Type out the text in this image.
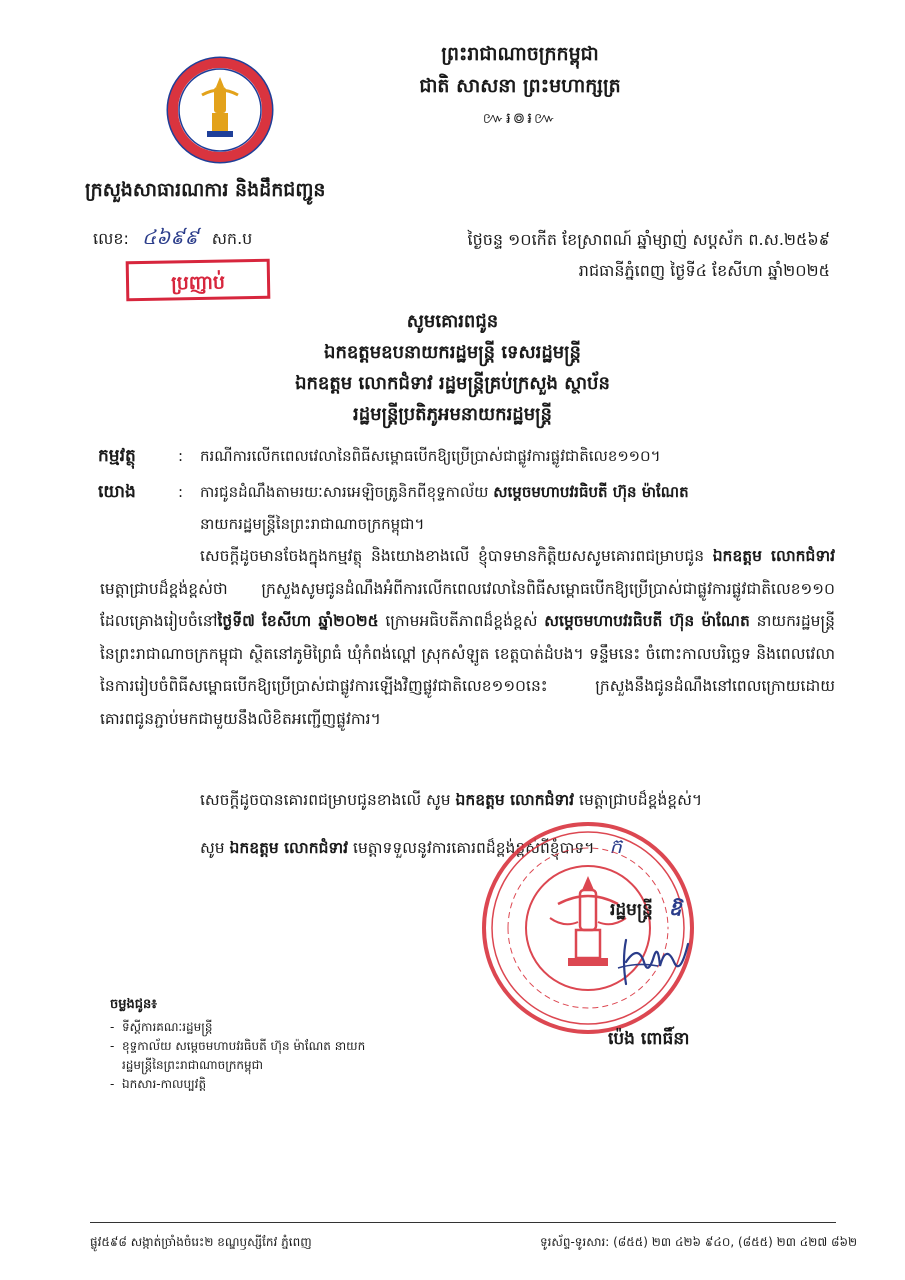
ក្រសួងសាធារណការ និងដឹកជញ្ជូន
ព្រះរាជាណាចក្រកម្ពុជា
ជាតិ សាសនា ព្រះមហាក្សត្រ
៚៛៙៛៚
លេខ: ៤៦៩៩ សក.ប	ថ្ងៃចន្ទ ១០កើត ខែស្រាពណ៍ ឆ្នាំម្សាញ់ សប្តស័ក ព.ស.២៥៦៩
រាជធានីភ្នំពេញ ថ្ងៃទី៤ ខែសីហា ឆ្នាំ២០២៥
ប្រញាប់
សូមគោរពជូន
ឯកឧត្តមឧបនាយករដ្ឋមន្ត្រី ទេសរដ្ឋមន្ត្រី
ឯកឧត្តម លោកជំទាវ រដ្ឋមន្ត្រីគ្រប់ក្រសួង ស្ថាប័ន
រដ្ឋមន្ត្រីប្រតិភូអមនាយករដ្ឋមន្ត្រី
កម្មវត្ថុ	: ករណីការលើកពេលវេលានៃពិធីសម្ពោធបើកឱ្យប្រើប្រាស់ជាផ្លូវការផ្លូវជាតិលេខ១១០។
យោង	: ការជូនដំណឹងតាមរយៈសារអេឡិចត្រូនិកពីខុទ្ទកាល័យ សម្តេចមហាបវរធិបតី ហ៊ុន ម៉ាណែត
នាយករដ្ឋមន្ត្រីនៃព្រះរាជាណាចក្រកម្ពុជា។

សេចក្តីដូចមានចែងក្នុងកម្មវត្ថុ និងយោងខាងលើ ខ្ញុំបាទមានកិត្តិយសសូមគោរពជម្រាបជូន ឯកឧត្តម លោកជំទាវ មេត្តាជ្រាបដ៏ខ្ពង់ខ្ពស់ថា ក្រសួងសូមជូនដំណឹងអំពីការលើកពេលវេលានៃពិធីសម្ពោធបើកឱ្យប្រើប្រាស់ជាផ្លូវការផ្លូវជាតិលេខ១១០ ដែលគ្រោងរៀបចំនៅថ្ងៃទី៧ ខែសីហា ឆ្នាំ២០២៥ ក្រោមអធិបតីភាពដ៏ខ្ពង់ខ្ពស់ សម្តេចមហាបវរធិបតី ហ៊ុន ម៉ាណែត នាយករដ្ឋមន្ត្រីនៃព្រះរាជាណាចក្រកម្ពុជា ស្ថិតនៅភូមិព្រៃធំ ឃុំកំពង់ល្ពៅ ស្រុកសំឡូត ខេត្តបាត់ដំបង។ ទន្ទឹមនេះ ចំពោះកាលបរិច្ឆេទ និងពេលវេលានៃការរៀបចំពិធីសម្ពោធបើកឱ្យប្រើប្រាស់ជាផ្លូវការឡើងវិញផ្លូវជាតិលេខ១១០នេះ ក្រសួងនឹងជូនដំណឹងនៅពេលក្រោយដោយគោរពជូនភ្ជាប់មកជាមួយនឹងលិខិតអញ្ជើញផ្លូវការ។

សេចក្តីដូចបានគោរពជម្រាបជូនខាងលើ សូម ឯកឧត្តម លោកជំទាវ មេត្តាជ្រាបដ៏ខ្ពង់ខ្ពស់។
សូម ឯកឧត្តម លោកជំទាវ មេត្តាទទួលនូវការគោរពដ៏ខ្ពង់ខ្ពស់ពីខ្ញុំបាទ។ ក
រដ្ឋមន្ត្រី ឱ
ប៉េង ពោធិ៍នា
ចម្លងជូន៖
- ទីស្តីការគណៈរដ្ឋមន្ត្រី
- ខុទ្ទកាល័យ សម្តេចមហាបវរធិបតី ហ៊ុន ម៉ាណែត នាយករដ្ឋមន្ត្រីនៃព្រះរាជាណាចក្រកម្ពុជា
- ឯកសារ-កាលប្បវត្តិ
ផ្លូវ៥៩៨ សង្កាត់ច្រាំងចំរេះ២ ខណ្ឌឫស្សីកែវ ភ្នំពេញ	ទូរស័ព្ទ-ទូរសារ: (៨៥៥) ២៣ ៤២៦ ៩៤០, (៨៥៥) ២៣ ៤២៧ ៨៦២
